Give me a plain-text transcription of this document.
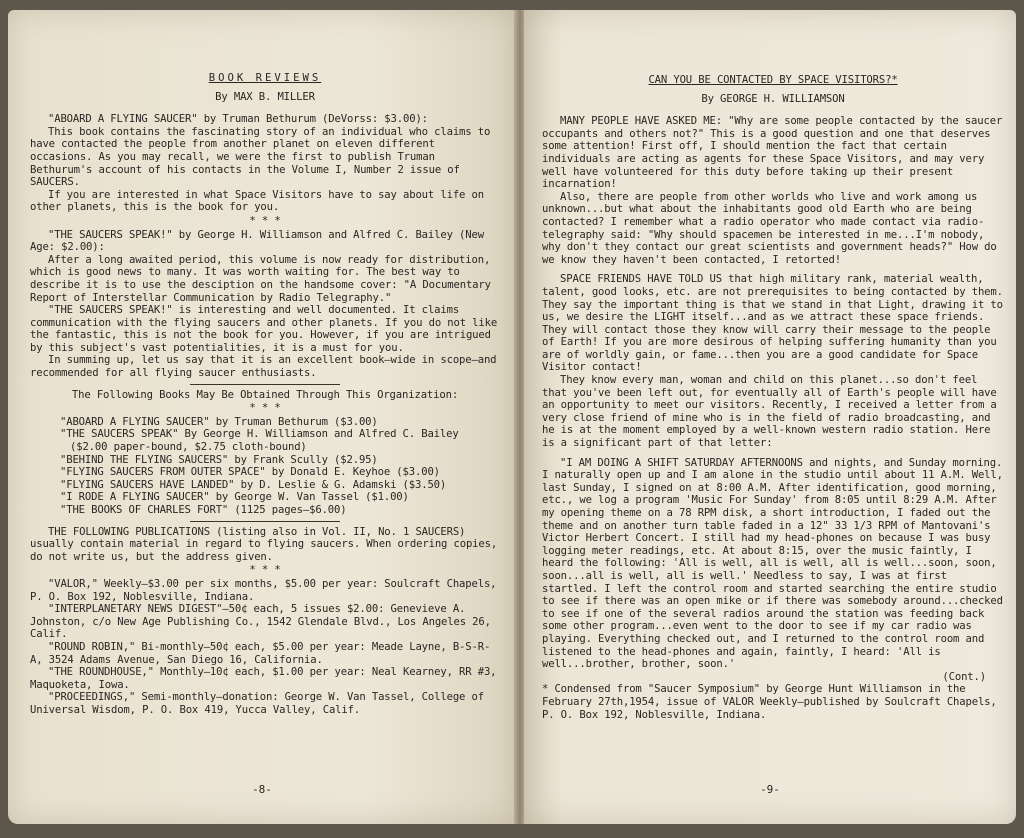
BOOK REVIEWS

By MAX B. MILLER

"ABOARD A FLYING SAUCER" by Truman Bethurum (DeVorss: $3.00):

This book contains the fascinating story of an individual who claims to have contacted the people from another planet on eleven different occasions. As you may recall, we were the first to publish Truman Bethurum's account of his contacts in the Volume I, Number 2 issue of SAUCERS.

If you are interested in what Space Visitors have to say about life on other planets, this is the book for you.

* * *

"THE SAUCERS SPEAK!" by George H. Williamson and Alfred C. Bailey (New Age: $2.00):

After a long awaited period, this volume is now ready for distribution, which is good news to many. It was worth waiting for. The best way to describe it is to use the desciption on the handsome cover: "A Documentary Report of Interstellar Communication by Radio Telegraphy."

"THE SAUCERS SPEAK!" is interesting and well documented. It claims communication with the flying saucers and other planets. If you do not like the fantastic, this is not the book for you. However, if you are intrigued by this subject's vast potentialities, it is a must for you.

In summing up, let us say that it is an excellent book—wide in scope—and recommended for all flying saucer enthusiasts.

The Following Books May Be Obtained Through This Organization:

* * *

"ABOARD A FLYING SAUCER" by Truman Bethurum ($3.00)

"THE SAUCERS SPEAK" By George H. Williamson and Alfred C. Bailey ($2.00 paper-bound, $2.75 cloth-bound)

"BEHIND THE FLYING SAUCERS" by Frank Scully ($2.95)

"FLYING SAUCERS FROM OUTER SPACE" by Donald E. Keyhoe ($3.00)

"FLYING SAUCERS HAVE LANDED" by D. Leslie & G. Adamski ($3.50)

"I RODE A FLYING SAUCER" by George W. Van Tassel ($1.00)

"THE BOOKS OF CHARLES FORT" (1125 pages—$6.00)

THE FOLLOWING PUBLICATIONS (listing also in Vol. II, No. 1 SAUCERS) usually contain material in regard to flying saucers. When ordering copies, do not write us, but the address given.

* * *

"VALOR," Weekly—$3.00 per six months, $5.00 per year: Soulcraft Chapels, P. O. Box 192, Noblesville, Indiana.

"INTERPLANETARY NEWS DIGEST"—50¢ each, 5 issues $2.00: Genevieve A. Johnston, c/o New Age Publishing Co., 1542 Glendale Blvd., Los Angeles 26, Calif.

"ROUND ROBIN," Bi-monthly—50¢ each, $5.00 per year: Meade Layne, B-S-R-A, 3524 Adams Avenue, San Diego 16, California.

"THE ROUNDHOUSE," Monthly—10¢ each, $1.00 per year: Neal Kearney, RR #3, Maquoketa, Iowa.

"PROCEEDINGS," Semi-monthly—donation: George W. Van Tassel, College of Universal Wisdom, P. O. Box 419, Yucca Valley, Calif.

-8-

CAN YOU BE CONTACTED BY SPACE VISITORS?*

By GEORGE H. WILLIAMSON

MANY PEOPLE HAVE ASKED ME: "Why are some people contacted by the saucer occupants and others not?" This is a good question and one that deserves some attention! First off, I should mention the fact that certain individuals are acting as agents for these Space Visitors, and may very well have volunteered for this duty before taking up their present incarnation!

Also, there are people from other worlds who live and work among us unknown...but what about the inhabitants good old Earth who are being contacted? I remember what a radio operator who made contact via radio-telegraphy said: "Why should spacemen be interested in me...I'm nobody, why don't they contact our great scientists and government heads?" How do we know they haven't been contacted, I retorted!

SPACE FRIENDS HAVE TOLD US that high military rank, material wealth, talent, good looks, etc. are not prerequisites to being contacted by them. They say the important thing is that we stand in that Light, drawing it to us, we desire the LIGHT itself...and as we attract these space friends. They will contact those they know will carry their message to the people of Earth! If you are more desirous of helping suffering humanity than you are of worldly gain, or fame...then you are a good candidate for Space Visitor contact!

They know every man, woman and child on this planet...so don't feel that you've been left out, for eventually all of Earth's people will have an opportunity to meet our visitors. Recently, I received a letter from a very close friend of mine who is in the field of radio broadcasting, and he is at the moment employed by a well-known western radio station. Here is a significant part of that letter:

"I AM DOING A SHIFT SATURDAY AFTERNOONS and nights, and Sunday morning. I naturally open up and I am alone in the studio until about 11 A.M. Well, last Sunday, I signed on at 8:00 A.M. After identification, good morning, etc., we log a program 'Music For Sunday' from 8:05 until 8:29 A.M. After my opening theme on a 78 RPM disk, a short introduction, I faded out the theme and on another turn table faded in a 12" 33 1/3 RPM of Mantovani's Victor Herbert Concert. I still had my head-phones on because I was busy logging meter readings, etc. At about 8:15, over the music faintly, I heard the following: 'All is well, all is well, all is well...soon, soon, soon...all is well, all is well.' Needless to say, I was at first startled. I left the control room and started searching the entire studio to see if there was an open mike or if there was somebody around...checked to see if one of the several radios around the station was feeding back some other program...even went to the door to see if my car radio was playing. Everything checked out, and I returned to the control room and listened to the head-phones and again, faintly, I heard: 'All is well...brother, brother, soon.'

(Cont.)

* Condensed from "Saucer Symposium" by George Hunt Williamson in the February 27th,1954, issue of VALOR Weekly—published by Soulcraft Chapels, P. O. Box 192, Noblesville, Indiana.

-9-
